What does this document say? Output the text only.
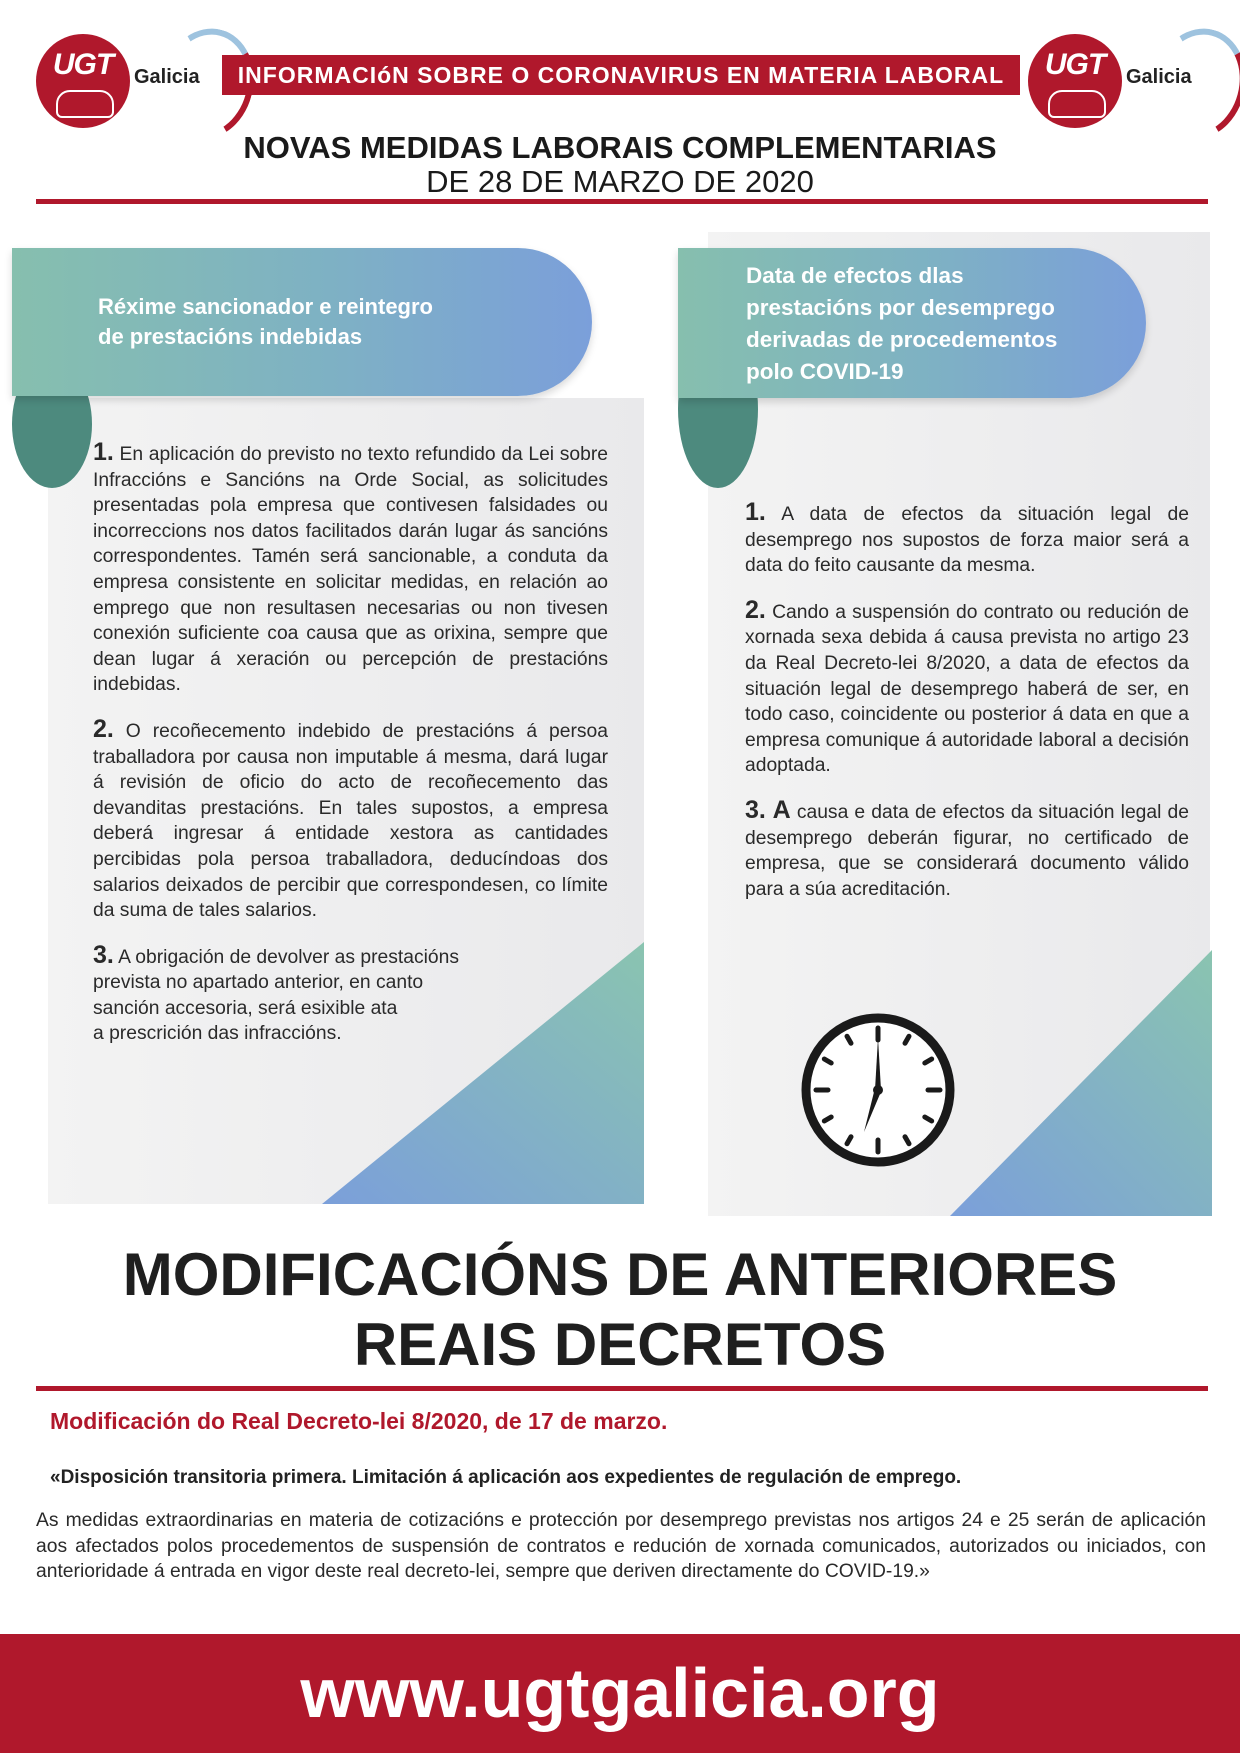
UGT	Galicia	INFORMACIóN SOBRE O CORONAVIRUS EN MATERIA LABORAL	UGT	Galicia
NOVAS MEDIDAS LABORAIS COMPLEMENTARIAS
DE 28 DE MARZO DE 2020
Réxime sancionador e reintegro
de prestacións indebidas

1. En aplicación do previsto no texto refundido da Lei sobre Infraccións e Sancións na Orde Social, as solicitudes presentadas pola empresa que contivesen falsidades ou incorreccions nos datos facilitados darán lugar ás sancións correspondentes. Tamén será sancionable, a conduta da empresa consistente en solicitar medidas, en relación ao emprego que non resultasen necesarias ou non tivesen conexión suficiente coa causa que as orixina, sempre que dean lugar á xeración ou percepción de prestacións indebidas.

2. O recoñecemento indebido de prestacións á persoa traballadora por causa non imputable á mesma, dará lugar á revisión de oficio do acto de recoñecemento das devanditas prestacións. En tales supostos, a empresa deberá ingresar á entidade xestora as cantidades percibidas pola persoa traballadora, deducíndoas dos salarios deixados de percibir que correspondesen, co límite da suma de tales salarios.

3. A obrigación de devolver as prestacións
prevista no apartado anterior, en canto
sanción accesoria, será esixible ata
a prescrición das infraccións.
Data de efectos dlas
prestacións por desemprego
derivadas de procedementos
polo COVID-19

1. A data de efectos da situación legal de desemprego nos supostos de forza maior será a data do feito causante da mesma.

2. Cando a suspensión do contrato ou redución de xornada sexa debida á causa prevista no artigo 23 da Real Decreto-lei 8/2020, a data de efectos da situación legal de desemprego haberá de ser, en todo caso, coincidente ou posterior á data en que a empresa comunique á autoridade laboral a decisión adoptada.

3. A causa e data de efectos da situación legal de desemprego deberán figurar, no certificado de empresa, que se considerará documento válido para a súa acreditación.

MODIFICACIÓNS DE ANTERIORES
REAIS DECRETOS
Modificación do Real Decreto-lei 8/2020, de 17 de marzo.
«Disposición transitoria primera. Limitación á aplicación aos expedientes de regulación de emprego.
As medidas extraordinarias en materia de cotizacións e protección por desemprego previstas nos artigos 24 e 25 serán de aplicación aos afectados polos procedementos de suspensión de contratos e redución de xornada comunicados, autorizados ou iniciados, con anterioridade á entrada en vigor deste real decreto-lei, sempre que deriven directamente do COVID-19.»
www.ugtgalicia.org
